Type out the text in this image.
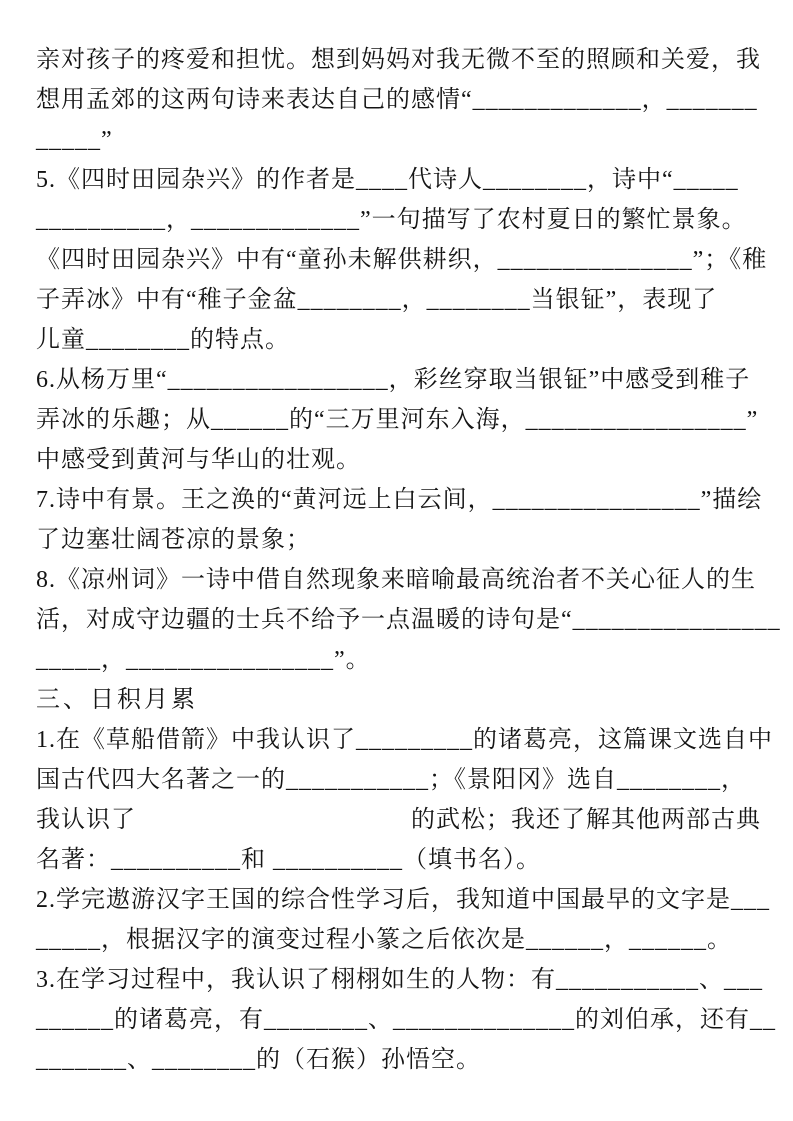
亲对孩子的疼爱和担忧。想到妈妈对我无微不至的照顾和关爱，我
想用孟郊的这两句诗来表达自己的感情“_____________，_______
_____”
5.《四时田园杂兴》的作者是____代诗人________，诗中“_____
__________，_____________”一句描写了农村夏日的繁忙景象。
《四时田园杂兴》中有“童孙未解供耕织，_______________”；《稚
子弄冰》中有“稚子金盆________，________当银钲”，表现了
儿童________的特点。
6.从杨万里“_________________，彩丝穿取当银钲”中感受到稚子
弄冰的乐趣；从______的“三万里河东入海，_________________”
中感受到黄河与华山的壮观。
7.诗中有景。王之涣的“黄河远上白云间，________________”描绘
了边塞壮阔苍凉的景象；
8.《凉州词》一诗中借自然现象来暗喻最高统治者不关心征人的生
活，对成守边疆的士兵不给予一点温暖的诗句是“________________
_____，________________”。
三、日积月累
1.在《草船借箭》中我认识了_________的诸葛亮，这篇课文选自中
国古代四大名著之一的___________；《景阳冈》选自________，
我认识了　　　　　　　　　　　的武松；我还了解其他两部古典
名著：__________和 __________（填书名）。
2.学完遨游汉字王国的综合性学习后，我知道中国最早的文字是___
_____，根据汉字的演变过程小篆之后依次是______，______。
3.在学习过程中，我认识了栩栩如生的人物：有___________、___
______的诸葛亮，有________、______________的刘伯承，还有__
_______、________的（石猴）孙悟空。
